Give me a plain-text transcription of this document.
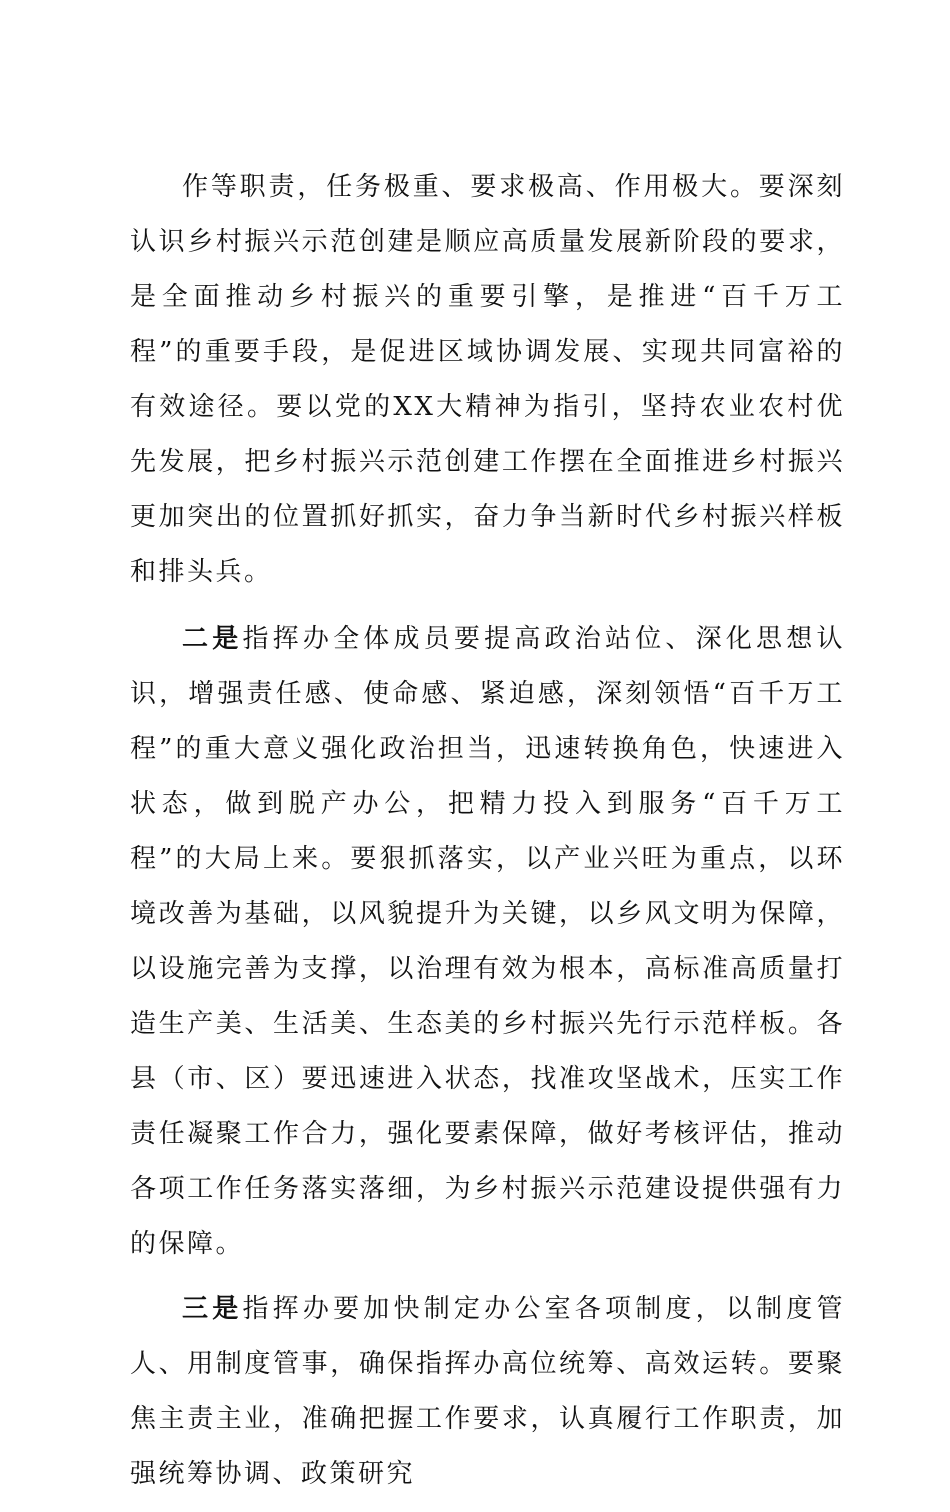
作等职责，任务极重、要求极高、作用极大。要深刻认识乡村振兴示范创建是顺应高质量发展新阶段的要求，是全面推动乡村振兴的重要引擎，是推进“百千万工程”的重要手段，是促进区域协调发展、实现共同富裕的有效途径。要以党的XX大精神为指引，坚持农业农村优先发展，把乡村振兴示范创建工作摆在全面推进乡村振兴更加突出的位置抓好抓实，奋力争当新时代乡村振兴样板和排头兵。

二是指挥办全体成员要提高政治站位、深化思想认识，增强责任感、使命感、紧迫感，深刻领悟“百千万工程”的重大意义强化政治担当，迅速转换角色，快速进入状态，做到脱产办公，把精力投入到服务“百千万工程”的大局上来。要狠抓落实，以产业兴旺为重点，以环境改善为基础，以风貌提升为关键，以乡风文明为保障，以设施完善为支撑，以治理有效为根本，高标准高质量打造生产美、生活美、生态美的乡村振兴先行示范样板。各县（市、区）要迅速进入状态，找准攻坚战术，压实工作责任凝聚工作合力，强化要素保障，做好考核评估，推动各项工作任务落实落细，为乡村振兴示范建设提供强有力的保障。

三是指挥办要加快制定办公室各项制度，以制度管人、用制度管事，确保指挥办高位统筹、高效运转。要聚焦主责主业，准确把握工作要求，认真履行工作职责，加强统筹协调、政策研究
